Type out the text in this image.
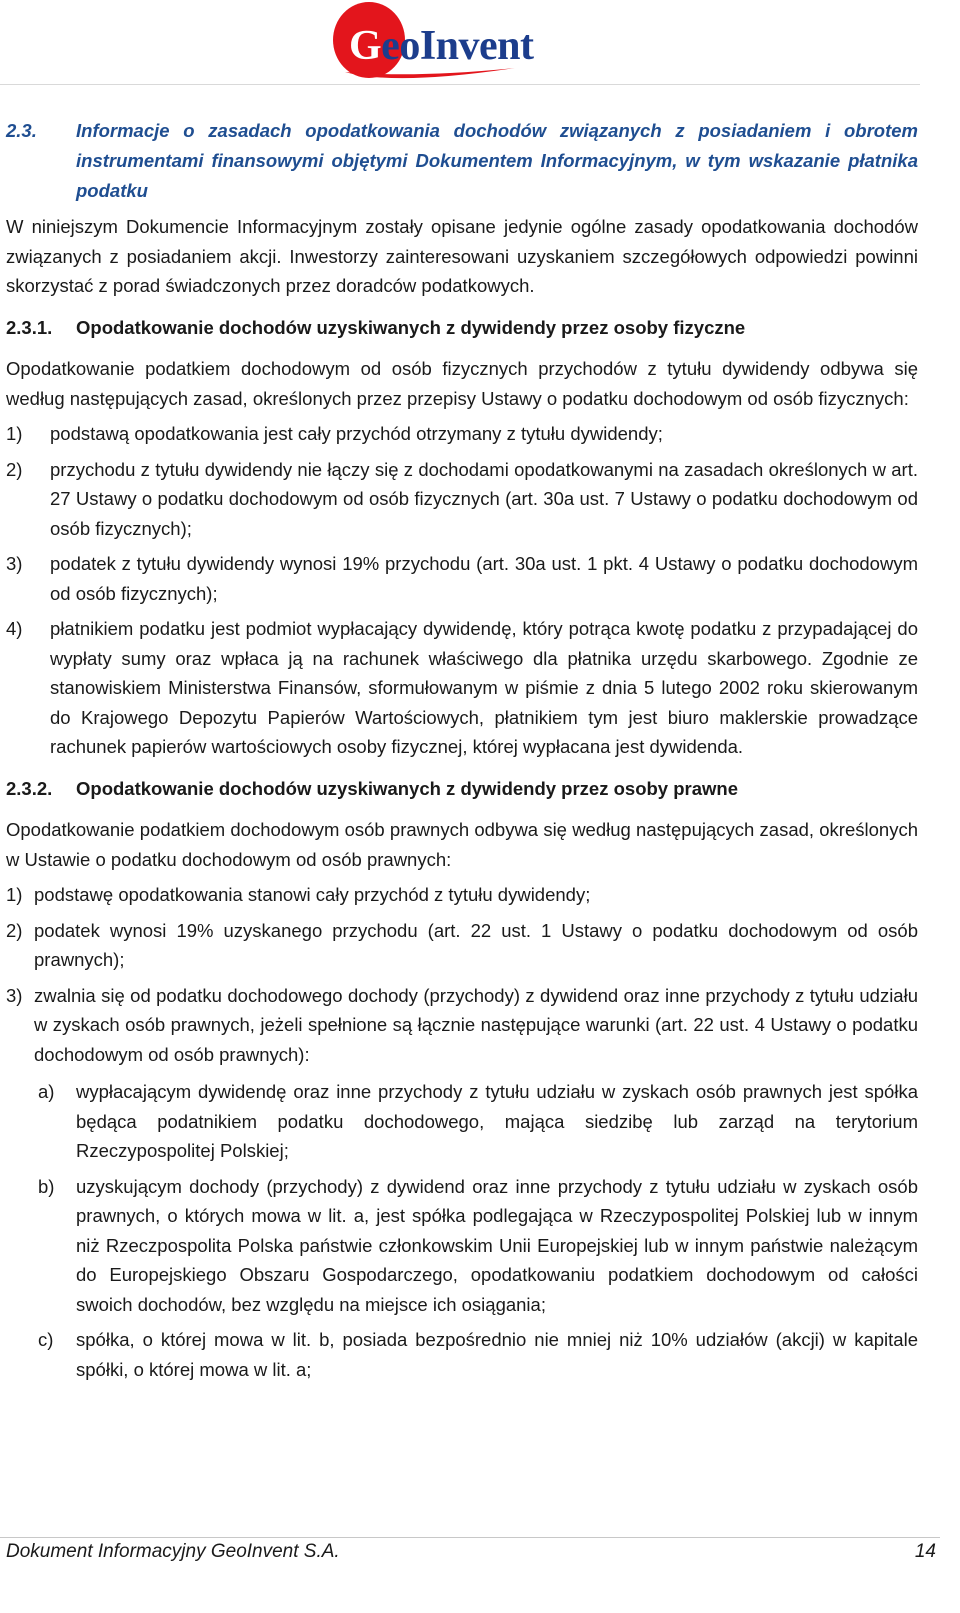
GeoInvent
2.3.	Informacje o zasadach opodatkowania dochodów związanych z posiadaniem i obrotem instrumentami finansowymi objętymi Dokumentem Informacyjnym, w tym wskazanie płatnika podatku

W niniejszym Dokumencie Informacyjnym zostały opisane jedynie ogólne zasady opodatkowania dochodów związanych z posiadaniem akcji. Inwestorzy zainteresowani uzyskaniem szczegółowych odpowiedzi powinni skorzystać z porad świadczonych przez doradców podatkowych.

2.3.1.	Opodatkowanie dochodów uzyskiwanych z dywidendy przez osoby fizyczne

Opodatkowanie podatkiem dochodowym od osób fizycznych przychodów z tytułu dywidendy odbywa się według następujących zasad, określonych przez przepisy Ustawy o podatku dochodowym od osób fizycznych:

1)	podstawą opodatkowania jest cały przychód otrzymany z tytułu dywidendy;
2)	przychodu z tytułu dywidendy nie łączy się z dochodami opodatkowanymi na zasadach określonych w art. 27 Ustawy o podatku dochodowym od osób fizycznych (art. 30a ust. 7 Ustawy o podatku dochodowym od osób fizycznych);
3)	podatek z tytułu dywidendy wynosi 19% przychodu (art. 30a ust. 1 pkt. 4 Ustawy o podatku dochodowym od osób fizycznych);
4)	płatnikiem podatku jest podmiot wypłacający dywidendę, który potrąca kwotę podatku z przypadającej do wypłaty sumy oraz wpłaca ją na rachunek właściwego dla płatnika urzędu skarbowego. Zgodnie ze stanowiskiem Ministerstwa Finansów, sformułowanym w piśmie z dnia 5 lutego 2002 roku skierowanym do Krajowego Depozytu Papierów Wartościowych, płatnikiem tym jest biuro maklerskie prowadzące rachunek papierów wartościowych osoby fizycznej, której wypłacana jest dywidenda.
2.3.2.	Opodatkowanie dochodów uzyskiwanych z dywidendy przez osoby prawne

Opodatkowanie podatkiem dochodowym osób prawnych odbywa się według następujących zasad, określonych w Ustawie o podatku dochodowym od osób prawnych:

1) podstawę opodatkowania stanowi cały przychód z tytułu dywidendy;
2) podatek wynosi 19% uzyskanego przychodu (art. 22 ust. 1 Ustawy o podatku dochodowym od osób prawnych);
3) zwalnia się od podatku dochodowego dochody (przychody) z dywidend oraz inne przychody z tytułu udziału w zyskach osób prawnych, jeżeli spełnione są łącznie następujące warunki (art. 22 ust. 4 Ustawy o podatku dochodowym od osób prawnych):
a)	wypłacającym dywidendę oraz inne przychody z tytułu udziału w zyskach osób prawnych jest spółka będąca podatnikiem podatku dochodowego, mająca siedzibę lub zarząd na terytorium Rzeczypospolitej Polskiej;
b)	uzyskującym dochody (przychody) z dywidend oraz inne przychody z tytułu udziału w zyskach osób prawnych, o których mowa w lit. a, jest spółka podlegająca w Rzeczypospolitej Polskiej lub w innym niż Rzeczpospolita Polska państwie członkowskim Unii Europejskiej lub w innym państwie należącym do Europejskiego Obszaru Gospodarczego, opodatkowaniu podatkiem dochodowym od całości swoich dochodów, bez względu na miejsce ich osiągania;
c)	spółka, o której mowa w lit. b, posiada bezpośrednio nie mniej niż 10% udziałów (akcji) w kapitale spółki, o której mowa w lit. a;
Dokument Informacyjny GeoInvent S.A.	14
